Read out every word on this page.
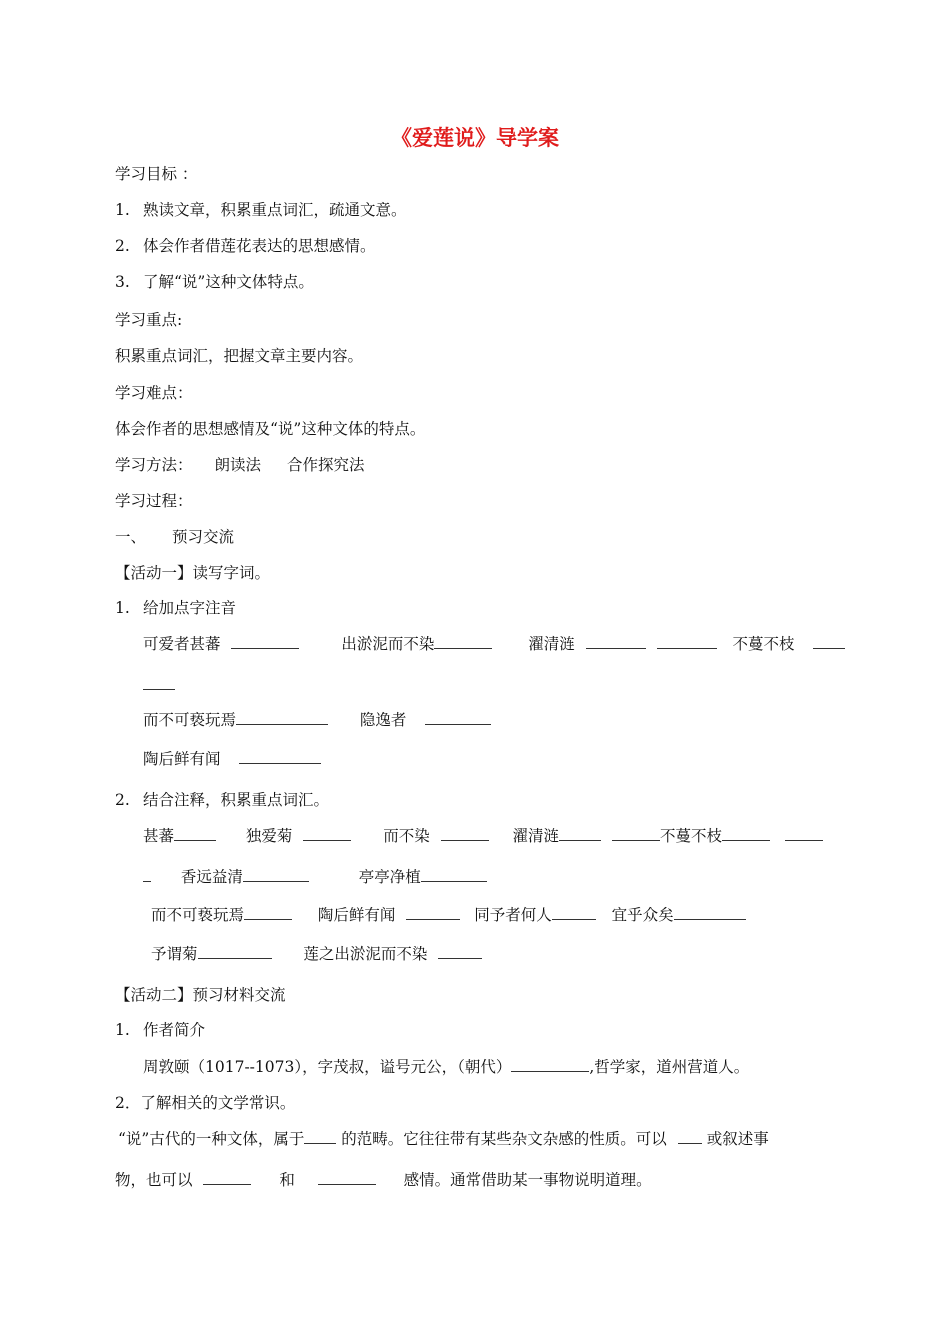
《爱莲说》导学案
学习目标 ：
1. 熟读文章，积累重点词汇，疏通文意。
2. 体会作者借莲花表达的思想感情。
3. 了解“说”这种文体特点。
学习重点:
积累重点词汇，把握文章主要内容。
学习难点：
体会作者的思想感情及“说”这种文体的特点。
学习方法： 朗读法 合作探究法
学习过程：
一、 预习交流
【活动一】读写字词。
1. 给加点字注音
可爱者甚蕃	出淤泥而不染	濯清涟	不蔓不枝
而不可亵玩焉	隐逸者
陶后鲜有闻
2. 结合注释，积累重点词汇。
甚蕃	独爱菊	而不染	濯清涟	不蔓不枝
香远益清	亭亭净植
而不可亵玩焉	陶后鲜有闻	同予者何人	宜乎众矣
予谓菊	莲之出淤泥而不染
【活动二】预习材料交流
1. 作者简介
周敦颐（1017--1073），字茂叔，谥号元公，（朝代）	,哲学家，道州营道人。
2．了解相关的文学常识。
“说”古代的一种文体，属于 的范畴。它往往带有某些杂文杂感的性质。可以	或叙述事
物，也可以	和	感情。通常借助某一事物说明道理。
